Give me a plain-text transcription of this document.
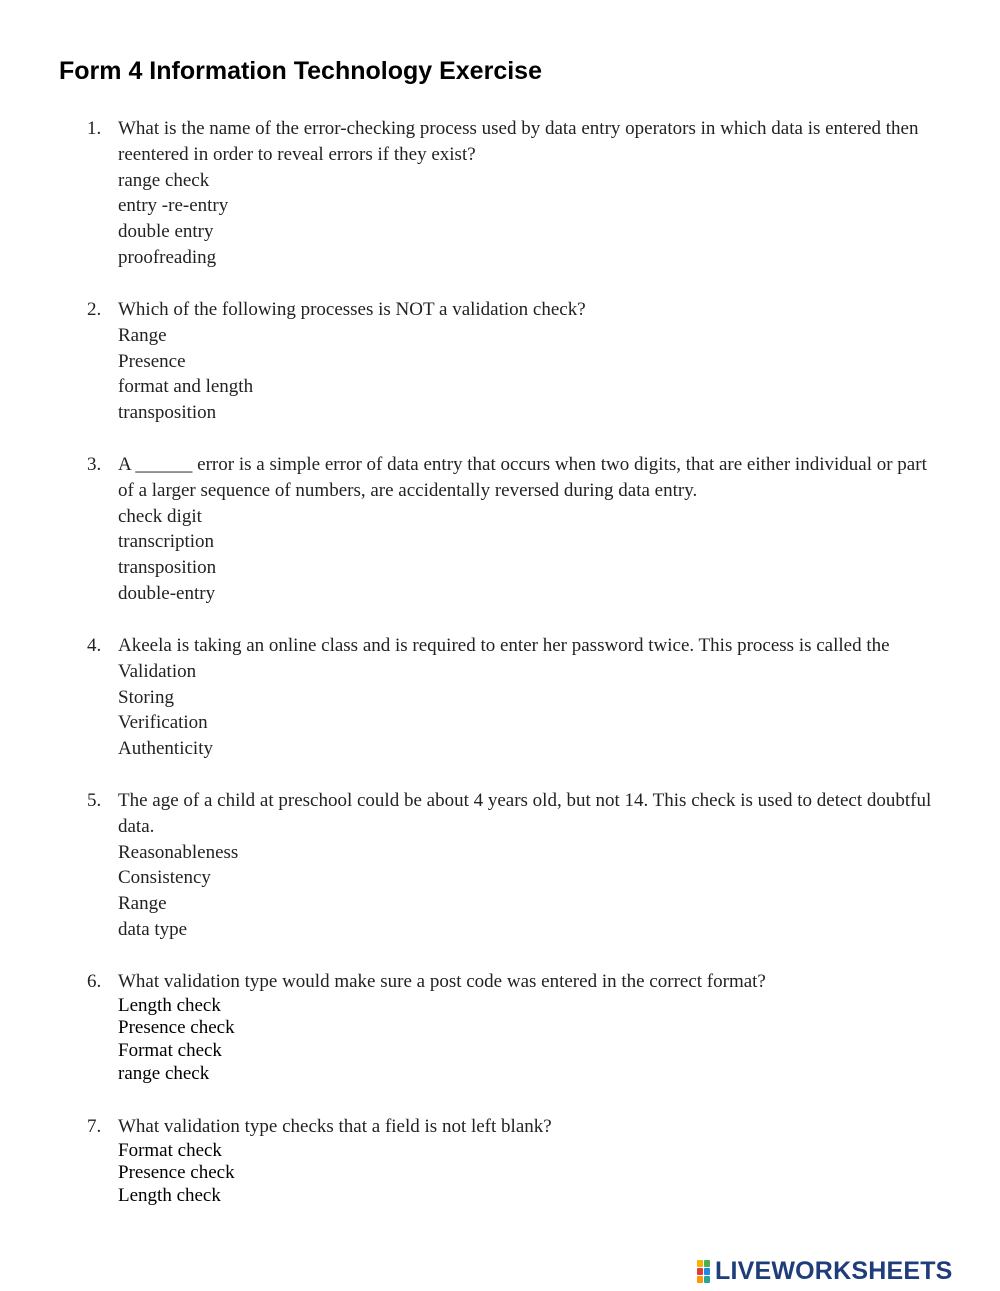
Form 4 Information Technology Exercise
1. What is the name of the error-checking process used by data entry operators in which data is entered then reentered in order to reveal errors if they exist?
range check
entry -re-entry
double entry
proofreading
2. Which of the following processes is NOT a validation check?
Range
Presence
format and length
transposition
3. A ______ error is a simple error of data entry that occurs when two digits, that are either individual or part of a larger sequence of numbers, are accidentally reversed during data entry.
check digit
transcription
transposition
double-entry
4. Akeela is taking an online class and is required to enter her password twice. This process is called the
Validation
Storing
Verification
Authenticity
5. The age of a child at preschool could be about 4 years old, but not 14. This check is used to detect doubtful data.
Reasonableness
Consistency
Range
data type
6. What validation type would make sure a post code was entered in the correct format?
Length check
Presence check
Format check
range check
7. What validation type checks that a field is not left blank?
Format check
Presence check
Length check
LIVEWORKSHEETS
